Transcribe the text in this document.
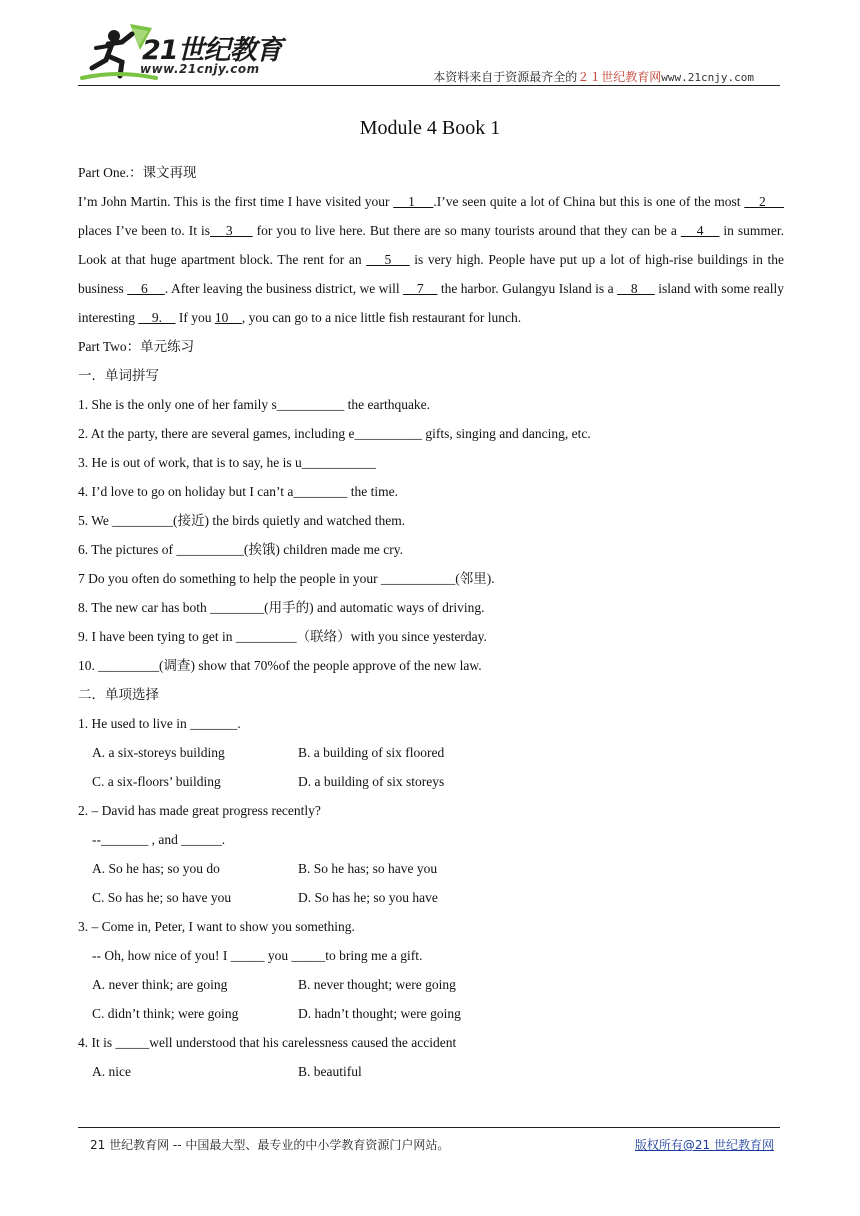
21世纪教育
www.21cnjy.com
本资料来自于资源最齐全的２１世纪教育网www.21cnjy.com
Module 4 Book 1
Part One.：课文再现
I’m John Martin. This is the first time I have visited your     1     .I’ve seen quite a lot of China but this is one of the most     2      places I’ve been to. It is    3      for you to live here. But there are so many tourists around that they can be a     4     in summer. Look at that huge apartment block. The rent for an     5     is very high. People have put up a lot of high-rise buildings in the business     6     . After leaving the business district, we will     7     the harbor. Gulangyu Island is a     8      island with some really interesting     9.     If you 10    , you can go to a nice little fish restaurant for lunch.
Part Two：单元练习
一．单词拼写
1. She is the only one of her family s__________ the earthquake.
2. At the party, there are several games, including e__________ gifts, singing and dancing, etc.
3. He is out of work, that is to say, he is u___________
4. I’d love to go on holiday but I can’t a________ the time.
5. We _________(接近) the birds quietly and watched them.
6. The pictures of __________(挨饿) children made me cry.
7 Do you often do something to help the people in your ___________(邻里).
8. The new car has both ________(用手的) and automatic ways of driving.
9. I have been tying to get in _________（联络）with you since yesterday.
10. _________(调查) show that 70%of the people approve of the new law.
二．单项选择
1. He used to live in _______.
A. a six-storeys building	B. a building of six floored
C. a six-floors’ building	D. a building of six storeys
2. – David has made great progress recently?
--_______ , and ______.
A. So he has; so you do	B. So he has; so have you
C. So has he; so have you	D. So has he; so you have
3. – Come in, Peter, I want to show you something.
-- Oh, how nice of you! I _____ you _____to bring me a gift.
A. never think; are going	B. never thought; were going
C. didn’t think; were going	D. hadn’t thought; were going
4. It is _____well understood that his carelessness caused the accident
A. nice	B. beautiful
21 世纪教育网 -- 中国最大型、最专业的中小学教育资源门户网站。	版权所有@21 世纪教育网
